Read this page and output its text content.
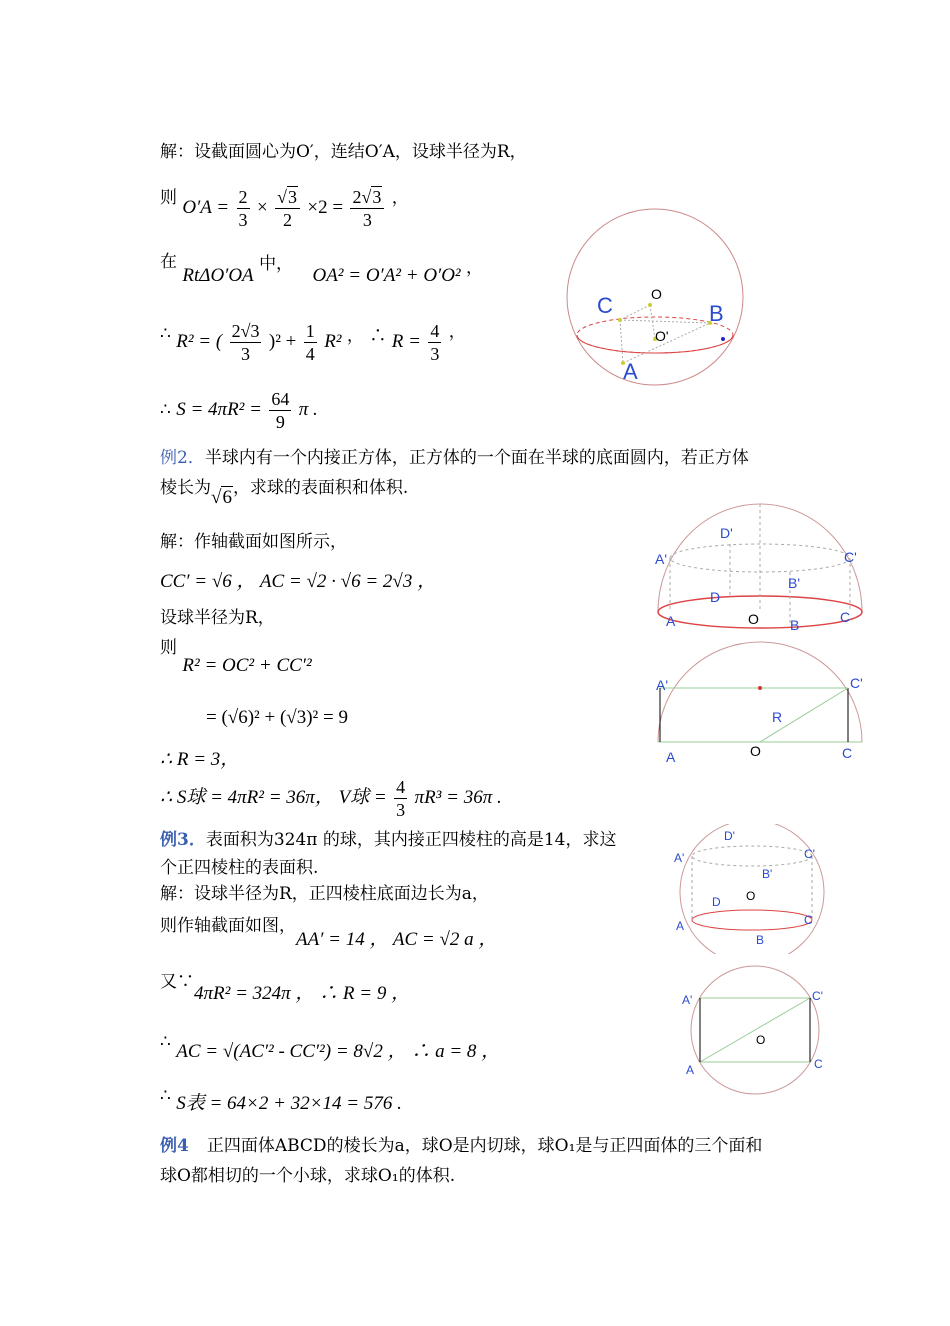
解：设截面圆心为O′，连结O′A，设球半径为R，
则 $O'A = \frac{2}{3} \times \frac{√3}{2} \times 2 = \frac{2√3}{3}$ ，
在 RtΔO′OA 中， OA² = O′A² + O′O² ，
∴ R² = ( $\frac{2√3}{3} )^2 + \frac{1}{4} R^2$ ， ∴ $R = \frac{4}{3}$ ，
∴ $S = 4\pi R^2 = \frac{64}{9}$ π .
例2．半球内有一个内接正方体，正方体的一个面在半球的底面圆内，若正方体
棱长为√6，求球的表面积和体积.
解：作轴截面如图所示，
CC′ = √6 ， AC = √2 · √6 = 2√3 ，
设球半径为R，
则 R² = OC² + CC′²
= (√6)² + (√3)² = 9
∴ R = 3，
∴ S球 = 4πR² = 36π， V球 = $\frac{4}{3} \pi R^3 = 36\pi$ .
例3．表面积为324π 的球，其内接正四棱柱的高是14，求这
个正四棱柱的表面积.
解：设球半径为R，正四棱柱底面边长为a，
则作轴截面如图，AA′ = 14 ， AC = √2 a ，
又∵4πR² = 324π ， ∴ R = 9 ，
∴ AC = √(AC′² - CC′²) = 8√2 ， ∴ a = 8 ，
∴ S表 = 64×2 + 32×14 = 576 .
例4 正四面体ABCD的棱长为a，球O是内切球，球O₁是与正四面体的三个面和
球O都相切的一个小球，求球O₁的体积.
C	O
B
O'
A
D'
A'	C'
B'
D
O
A	B	C
A'	C'
R
A	O	C
D'
A'	C'
B'
O
D
C
A
B
A'	C'
O
A	C
